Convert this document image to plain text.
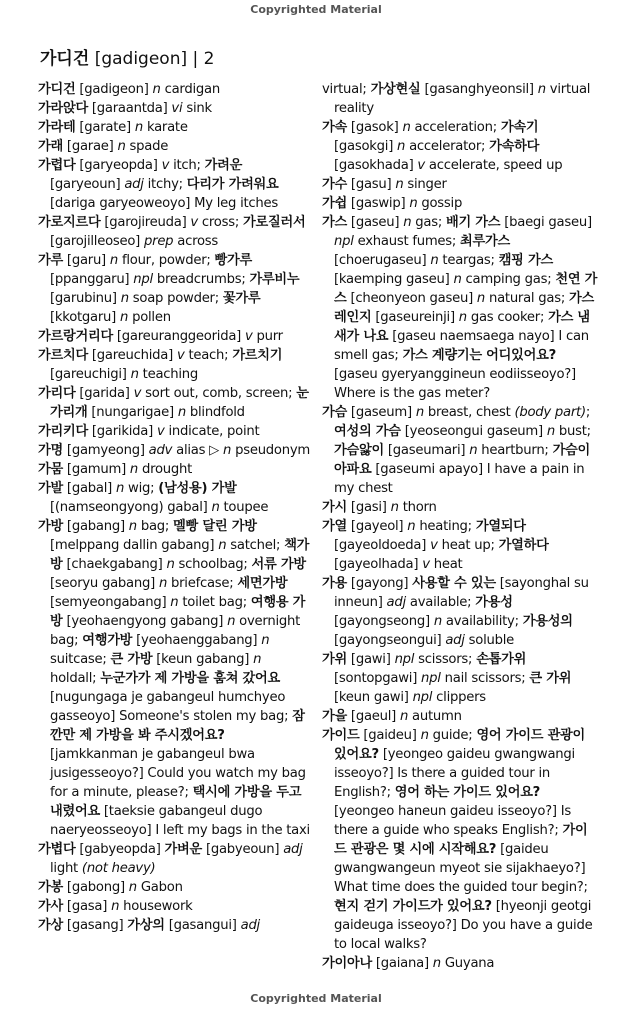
Copyrighted Material
가디건 [gadigeon] | 2

가디건 [gadigeon] n cardigan

가라앉다 [garaantda] vi sink

가라테 [garate] n karate

가래 [garae] n spade

가렵다 [garyeopda] v itch; 가려운 [garyeoun] adj itchy; 다리가 가려워요 [dariga garyeoweoyo] My leg itches

가로지르다 [garojireuda] v cross; 가로질러서 [garojilleoseo] prep across

가루 [garu] n flour, powder; 빵가루 [ppanggaru] npl breadcrumbs; 가루비누 [garubinu] n soap powder; 꽃가루 [kkotgaru] n pollen

가르랑거리다 [gareuranggeorida] v purr

가르치다 [gareuchida] v teach; 가르치기 [gareuchigi] n teaching

가리다 [garida] v sort out, comb, screen; 눈가리개 [nungarigae] n blindfold

가리키다 [garikida] v indicate, point

가명 [gamyeong] adv alias ▷ n pseudonym

가뭄 [gamum] n drought

가발 [gabal] n wig; (남성용) 가발 [(namseongyong) gabal] n toupee

가방 [gabang] n bag; 멜빵 달린 가방 [melppang dallin gabang] n satchel; 책가방 [chaekgabang] n schoolbag; 서류 가방 [seoryu gabang] n briefcase; 세면가방 [semyeongabang] n toilet bag; 여행용 가방 [yeohaengyong gabang] n overnight bag; 여행가방 [yeohaenggabang] n suitcase; 큰 가방 [keun gabang] n holdall; 누군가가 제 가방을 훔쳐 갔어요 [nugungaga je gabangeul humchyeo gasseoyo] Someone's stolen my bag; 잠깐만 제 가방을 봐 주시겠어요? [jamkkanman je gabangeul bwa jusigesseoyo?] Could you watch my bag for a minute, please?; 택시에 가방을 두고 내렸어요 [taeksie gabangeul dugo naeryeosseoyo] I left my bags in the taxi

가볍다 [gabyeopda] 가벼운 [gabyeoun] adj light (not heavy)

가봉 [gabong] n Gabon

가사 [gasa] n housework

가상 [gasang] 가상의 [gasangui] adj

virtual; 가상현실 [gasanghyeonsil] n virtual reality

가속 [gasok] n acceleration; 가속기 [gasokgi] n accelerator; 가속하다 [gasokhada] v accelerate, speed up

가수 [gasu] n singer

가쉽 [gaswip] n gossip

가스 [gaseu] n gas; 배기 가스 [baegi gaseu] npl exhaust fumes; 최루가스 [choerugaseu] n teargas; 캠핑 가스 [kaemping gaseu] n camping gas; 천연 가스 [cheonyeon gaseu] n natural gas; 가스레인지 [gaseureinji] n gas cooker; 가스 냄새가 나요 [gaseu naemsaega nayo] I can smell gas; 가스 계량기는 어디있어요? [gaseu gyeryanggineun eodiisseoyo?] Where is the gas meter?

가슴 [gaseum] n breast, chest (body part); 여성의 가슴 [yeoseongui gaseum] n bust; 가슴앓이 [gaseumari] n heartburn; 가슴이 아파요 [gaseumi apayo] I have a pain in my chest

가시 [gasi] n thorn

가열 [gayeol] n heating; 가열되다 [gayeoldoeda] v heat up; 가열하다 [gayeolhada] v heat

가용 [gayong] 사용할 수 있는 [sayonghal su inneun] adj available; 가용성 [gayongseong] n availability; 가용성의 [gayongseongui] adj soluble

가위 [gawi] npl scissors; 손톱가위 [sontopgawi] npl nail scissors; 큰 가위 [keun gawi] npl clippers

가을 [gaeul] n autumn

가이드 [gaideu] n guide; 영어 가이드 관광이 있어요? [yeongeo gaideu gwangwangi isseoyo?] Is there a guided tour in English?; 영어 하는 가이드 있어요? [yeongeo haneun gaideu isseoyo?] Is there a guide who speaks English?; 가이드 관광은 몇 시에 시작해요? [gaideu gwangwangeun myeot sie sijakhaeyo?] What time does the guided tour begin?; 현지 걷기 가이드가 있어요? [hyeonji geotgi gaideuga isseoyo?] Do you have a guide to local walks?

가이아나 [gaiana] n Guyana

Copyrighted Material
